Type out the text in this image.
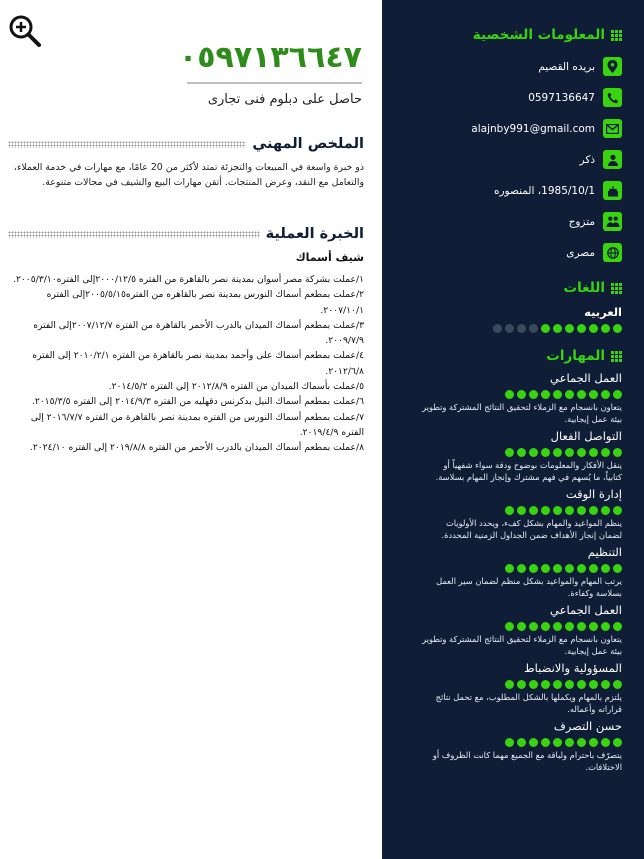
٠٥٩٧١٣٦٦٤٧
حاصل على دبلوم فنى تجارى
الملخص المهني
ذو خبرة واسعة في المبيعات والتجزئة تمتد لأكثر من 20 عامًا، مع مهارات في خدمة العملاء، والتعامل مع النقد، وعرض المنتجات. أتقن مهارات البيع والشيف في مجالات متنوعة.
الخبرة العملية
شيف أسماك
١/عملت بشركة مصر أسوان بمدينة نصر بالقاهرة من الفتره ٢٠٠٠/١٢/٥إلى الفتره٢٠٠٥/٣/١٠.
٢/عملت بمطعم أسماك النورس بمدينة نصر بالقاهره من الفتره٢٠٠٥/٥/١٥إلى الفتره ٢٠٠٧/١٠/١.
٣/عملت بمطعم أسماك الميدان بالدرب الأحمر بالقاهرة من الفتره ٢٠٠٧/١٢/٧إلى الفتره ٢٠٠٩/٧/٩.
٤/عملت بمطعم أسماك على وأحمد بمدينة نصر بالقاهرة من الفتره ٢٠١٠/٢/١ إلى الفتره ٢٠١٢/٦/٨.
٥/عملت بأسماك الميدان من الفتره ٢٠١٢/٨/٩ إلى الفتره ٢٠١٤/٥/٢.
٦/عملت بمطعم أسماك النيل بدكرنس دقهليه من الفتره ٢٠١٤/٩/٣ إلى الفتره ٢٠١٥/٣/٥.
٧/عملت بمطعم أسماك النورس من الفتره بمدينة نصر بالقاهرة من الفتره ٢٠١٦/٧/٧ إلى الفتره ٢٠١٩/٤/٩.
٨/عملت بمطعم أسماك الميدان بالدرب الأحمر من الفتره ٢٠١٩/٨/٨ إلى الفتره ٢٠٢٤/١٠.
المعلومات الشخصية
بريده القصيم
0597136647
alajnby991@gmail.com
ذكر
1985/10/1، المنصوره
متزوج
مصرى
اللغات
العربيه
المهارات
العمل الجماعي
يتعاون بانسجام مع الزملاء لتحقيق النتائج المشتركة وتطوير بيئة عمل إيجابية.
التواصل الفعال
ينقل الأفكار والمعلومات بوضوح ودقة سواء شفهياً أو كتابياً، ما يُسهم في فهم مشترك وإنجاز المهام بسلاسة.
إدارة الوقت
ينظم المواعيد والمهام بشكل كفء، ويحدد الأولويات لضمان إنجاز الأهداف ضمن الجداول الزمنية المحددة.
التنظيم
يرتب المهام والمواعيد بشكل منظم لضمان سير العمل بسلاسة وكفاءة.
العمل الجماعي
يتعاون بانسجام مع الزملاء لتحقيق النتائج المشتركة وتطوير بيئة عمل إيجابية.
المسؤولية والانضباط
يلتزم بالمهام ويكملها بالشكل المطلوب، مع تحمل نتائج قراراته وأعماله.
حسن التصرف
يتصرّف باحترام ولباقة مع الجميع مهما كانت الظروف أو الاختلافات.
